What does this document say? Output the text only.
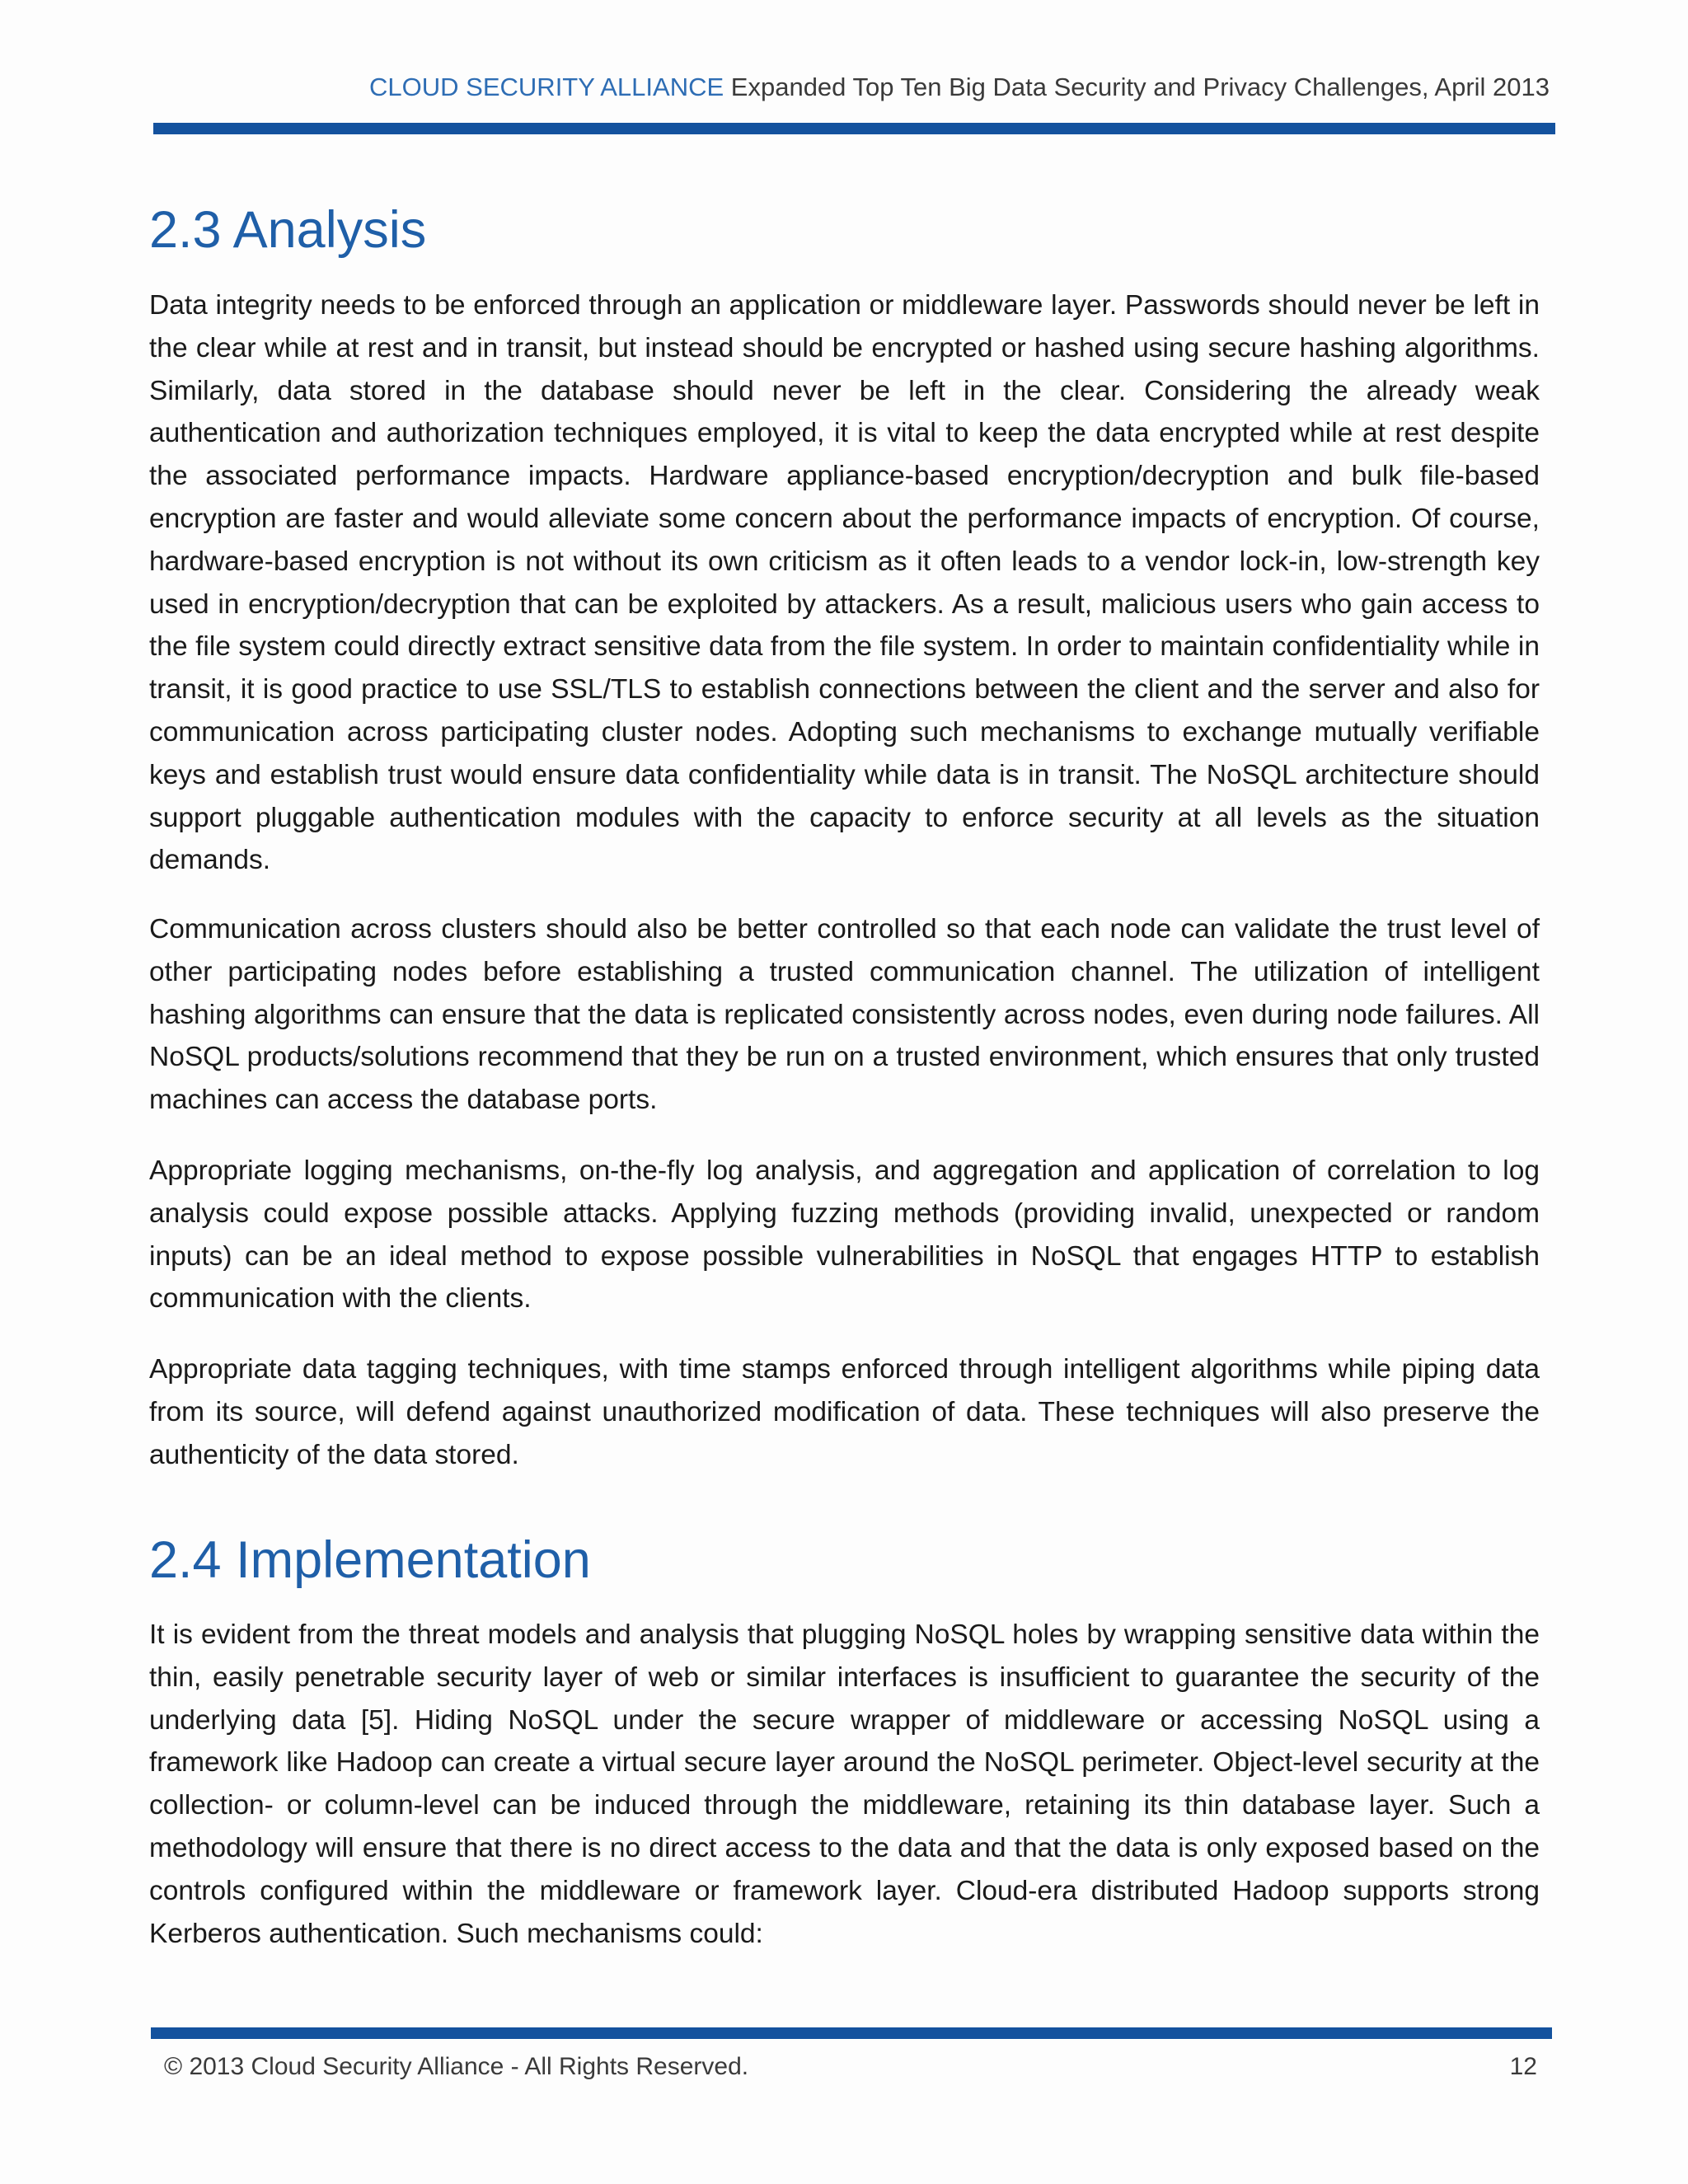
CLOUD SECURITY ALLIANCE Expanded Top Ten Big Data Security and Privacy Challenges, April 2013
2.3 Analysis

Data integrity needs to be enforced through an application or middleware layer. Passwords should never be left in the clear while at rest and in transit, but instead should be encrypted or hashed using secure hashing algorithms. Similarly, data stored in the database should never be left in the clear. Considering the already weak authentication and authorization techniques employed, it is vital to keep the data encrypted while at rest despite the associated performance impacts. Hardware appliance-based encryption/decryption and bulk file-based encryption are faster and would alleviate some concern about the performance impacts of encryption. Of course, hardware-based encryption is not without its own criticism as it often leads to a vendor lock-in, low-strength key used in encryption/decryption that can be exploited by attackers. As a result, malicious users who gain access to the file system could directly extract sensitive data from the file system. In order to maintain confidentiality while in transit, it is good practice to use SSL/TLS to establish connections between the client and the server and also for communication across participating cluster nodes. Adopting such mechanisms to exchange mutually verifiable keys and establish trust would ensure data confidentiality while data is in transit. The NoSQL architecture should support pluggable authentication modules with the capacity to enforce security at all levels as the situation demands.

Communication across clusters should also be better controlled so that each node can validate the trust level of other participating nodes before establishing a trusted communication channel. The utilization of intelligent hashing algorithms can ensure that the data is replicated consistently across nodes, even during node failures. All NoSQL products/solutions recommend that they be run on a trusted environment, which ensures that only trusted machines can access the database ports.

Appropriate logging mechanisms, on-the-fly log analysis, and aggregation and application of correlation to log analysis could expose possible attacks. Applying fuzzing methods (providing invalid, unexpected or random inputs) can be an ideal method to expose possible vulnerabilities in NoSQL that engages HTTP to establish communication with the clients.

Appropriate data tagging techniques, with time stamps enforced through intelligent algorithms while piping data from its source, will defend against unauthorized modification of data. These techniques will also preserve the authenticity of the data stored.

2.4 Implementation

It is evident from the threat models and analysis that plugging NoSQL holes by wrapping sensitive data within the thin, easily penetrable security layer of web or similar interfaces is insufficient to guarantee the security of the underlying data [5]. Hiding NoSQL under the secure wrapper of middleware or accessing NoSQL using a framework like Hadoop can create a virtual secure layer around the NoSQL perimeter. Object-level security at the collection- or column-level can be induced through the middleware, retaining its thin database layer. Such a methodology will ensure that there is no direct access to the data and that the data is only exposed based on the controls configured within the middleware or framework layer. Cloud-era distributed Hadoop supports strong Kerberos authentication. Such mechanisms could:

© 2013 Cloud Security Alliance - All Rights Reserved.	12
